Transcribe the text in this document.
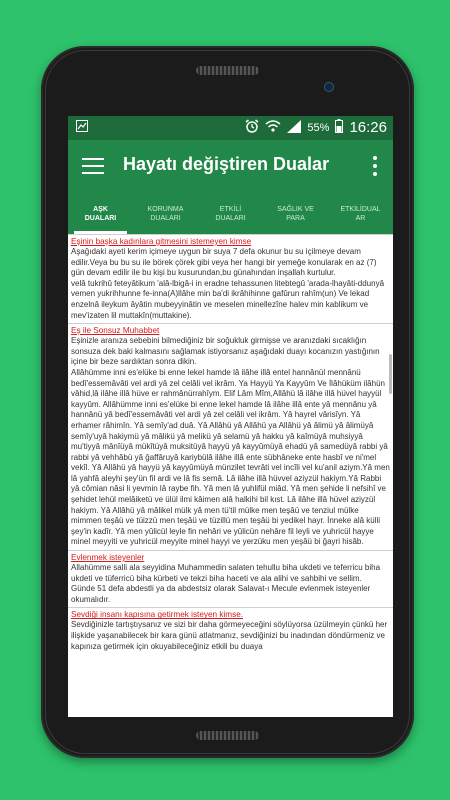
55% 16:26
Hayatı değiştiren Dualar
AŞK
DUALARI
KORUNMA
DUALARI
ETKİLİ
DUALARI
SAĞLIK VE
PARA
ETKİLİDUAL
AR
Eşinin başka kadınlara gitmesini istemeyen kimse
Aşağıdaki ayeti kerim içimeye uygun bir suya 7 defa okunur bu su içilmeye devam edilir.Veya bu bu su ile börek çörek gibi veya her hangi bir yemeğe konularak en az (7) gün devam edilir ile bu kişi bu kusurundan,bu günahından inşallah kurtulur.
velâ tukrihû feteyâtikum 'alâ-lbigâ-i in eradne tehassunen litebtegû 'arada-lhayâti-ddunyâ vemen yukrihhunne fe-inna(A)llâhe min ba'di ikrâhihinne gafûrun rahîm(un) Ve lekad enzelnâ ileykum âyâtin mubeyyinâtin ve meselen minellezîne halev min kablikum ve mev'izaten lil muttakîn(muttakine).
Eş ile Sonsuz Muhabbet
Eşinizle aranıza sebebini bilmediğiniz bir soğukluk girmişse ve aranızdaki sıcaklığın sonsuza dek baki kalmasını sağlamak istiyorsanız aşağıdaki duayı kocanızın yastığının içine bir beze sardıktan sonra dikin.
Allâhümme inni es'elüke bi enne lekel hamde lâ ilâhe illâ entel hannânül mennânü bedî'essemâvâti vel ardi yâ zel celâli vel ikrâm. Ya Hayyü Ya Kayyûm Ve İlâhüküm ilâhün vâhid,lâ ilâhe illâ hüve er rahmânürrahîym. Elif Lâm Mîm,Allâhü lâ ilâhe illâ hüvel hayyül kayyûm. Allâhümme inni es'elüke bi enne lekel hamde lâ ilâhe illâ ente yâ mennânu yâ hannânü yâ bedî'essemâvâti vel ardi yâ zel celâli vel ikrâm. Yâ hayrel vârisîyn. Yâ erhamer râhimîn. Yâ semîy'ad duâ. Yâ Allâhü yâ Allâhü ya Allâhü yâ âlimü yâ âlimüyâ semîy'uyâ hakiymü yâ mâlikü yâ melikü yâ selamü yâ hakku yâ kaîmüyâ muhsiyyâ mu'tiyyâ mânîüyâ mükîtüyâ muksitüyâ hayyü yâ kayyûmüyâ ehadü yâ samedüyâ rabbi yâ rabbi yâ vehhâbü yâ ğaffâruyâ kariybülâ ilâhe illâ ente sübhâneke ente hasbî ve ni'mel vekîl. Yâ Allâhü yâ hayyü yâ kayyûmüyâ münzilet tevrâti vel incîli vel ku'anil aziym.Yâ men lâ yahfâ aleyhi şey'ün fil ardi ve lâ fis semâ. Lâ ilâhe illâ hüvvel aziyzül hakiym.Yâ Rabbi yâ cômian nâsi li yevmin lâ raybe fih. Yâ men lâ yuhlifül miâd. Yâ men şehide li nefsihî ve şehidet lehül melâiketü ve ülül ilmi kâimen alâ halkihi bil kıst. Lâ ilâhe illâ hüvel aziyzül hakiym. Yâ Allâhü yâ mâlikel mülk yâ men tü'til mülke men teşâü ve tenziul mülke mimmen teşâü ve tüizzü men teşâü ve tüzillü men teşâü bi yedikel hayr. İnneke alâ külli şey'in kadîr. Yâ men yûlicül leyle fin nehâri ve yûlicün nehâre fil leyli ve yuhricül hayye minel meyyiti ve yuhricül meyyite minel hayyi ve yerzüku men yeşâü bi ğayri hisâb.
Evlenmek isteyenler
Allahümme salli ala seyyidina Muhammedin salaten tehullu biha ukdeti ve teferricu biha ukdeti ve tüferricü biha kürbeti ve tekzi biha haceti ve ala alihi ve sahbihi ve sellim.
Günde 51 defa abdestli ya da abdestsiz olarak Salavat-ı Mecule evlenmek isteyenler okumalıdır.
Sevdiği insanı kapısına getirmek isteyen kimse.
Sevdiğinizle tartıştıysanız ve sizi bir daha görmeyeceğini söylüyorsa üzülmeyin çünkü her ilişkide yaşanabilecek bir kara günü atlatmanız, sevdiğinizi bu inadından döndürmeniz ve kapınıza getirmek için okuyabileceğiniz etkili bu duaya
